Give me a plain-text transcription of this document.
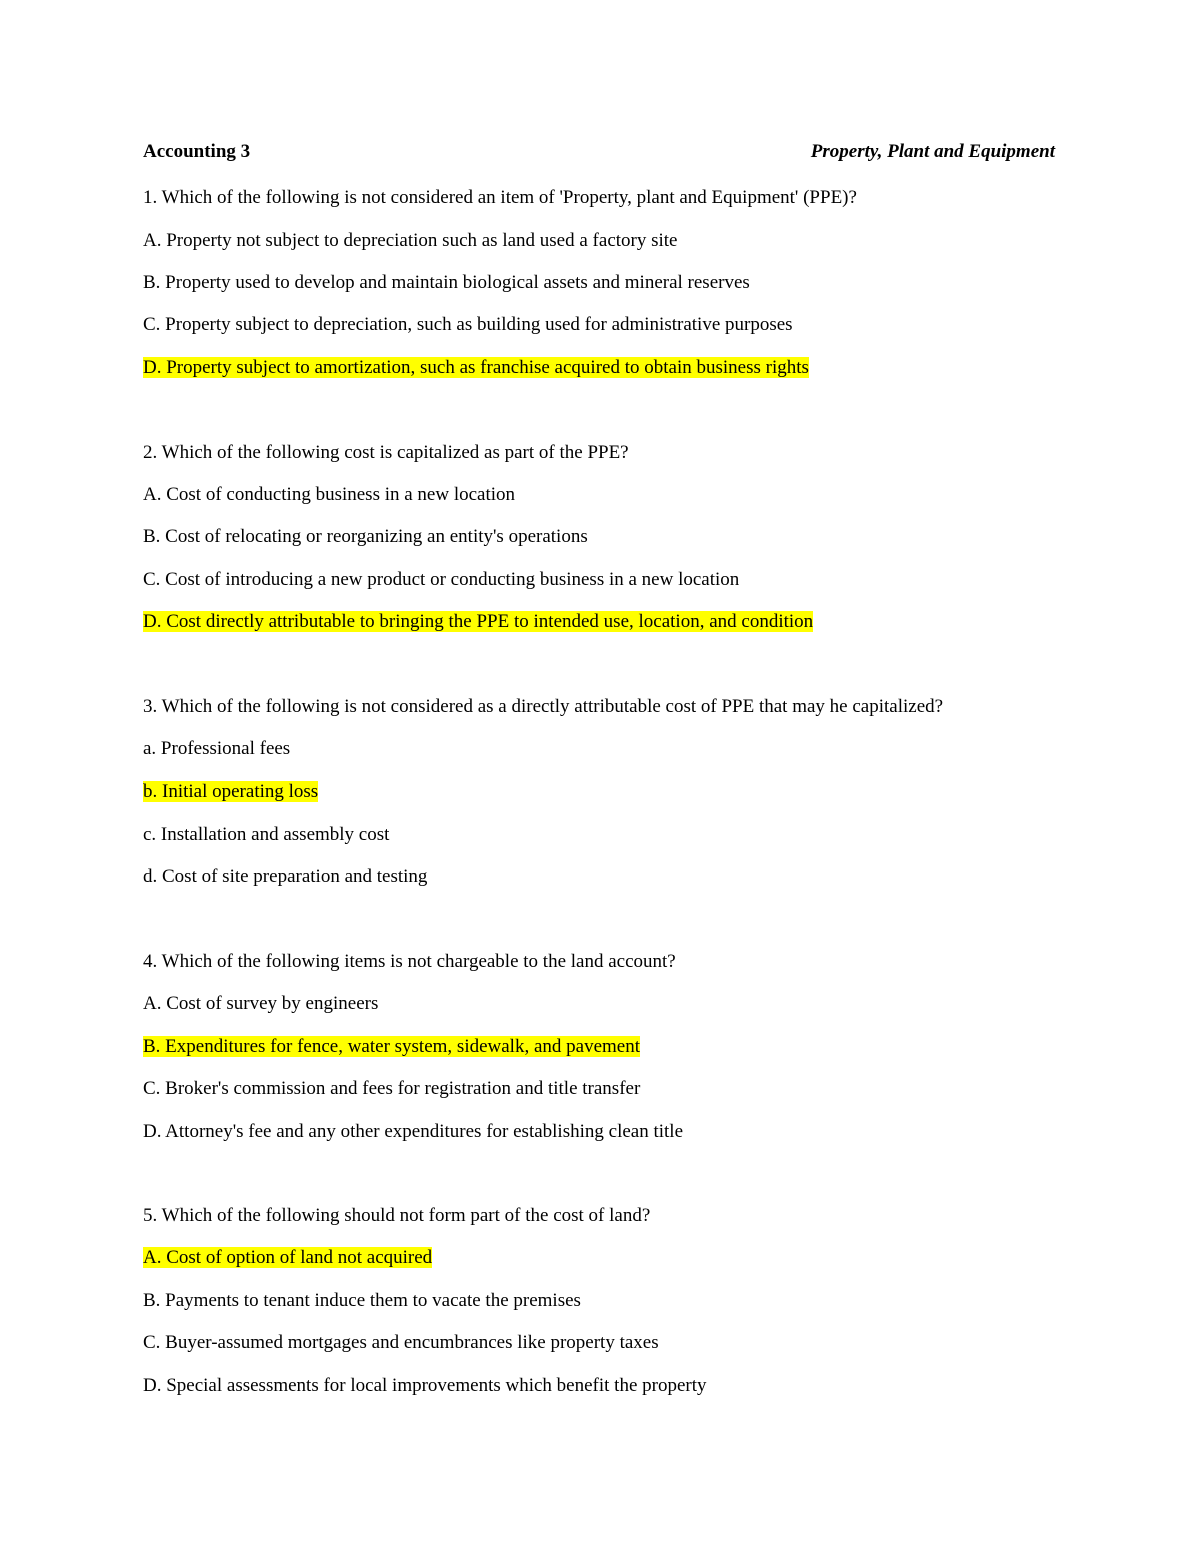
Accounting 3	Property, Plant and Equipment
1. Which of the following is not considered an item of 'Property, plant and Equipment' (PPE)?
A. Property not subject to depreciation such as land used a factory site
B. Property used to develop and maintain biological assets and mineral reserves
C. Property subject to depreciation, such as building used for administrative purposes
D. Property subject to amortization, such as franchise acquired to obtain business rights
2. Which of the following cost is capitalized as part of the PPE?
A. Cost of conducting business in a new location
B. Cost of relocating or reorganizing an entity's operations
C. Cost of introducing a new product or conducting business in a new location
D. Cost directly attributable to bringing the PPE to intended use, location, and condition
3. Which of the following is not considered as a directly attributable cost of PPE that may he capitalized?
a. Professional fees
b. Initial operating loss
c. Installation and assembly cost
d. Cost of site preparation and testing
4. Which of the following items is not chargeable to the land account?
A. Cost of survey by engineers
B. Expenditures for fence, water system, sidewalk, and pavement
C. Broker's commission and fees for registration and title transfer
D. Attorney's fee and any other expenditures for establishing clean title
5. Which of the following should not form part of the cost of land?
A. Cost of option of land not acquired
B. Payments to tenant induce them to vacate the premises
C. Buyer-assumed mortgages and encumbrances like property taxes
D. Special assessments for local improvements which benefit the property
